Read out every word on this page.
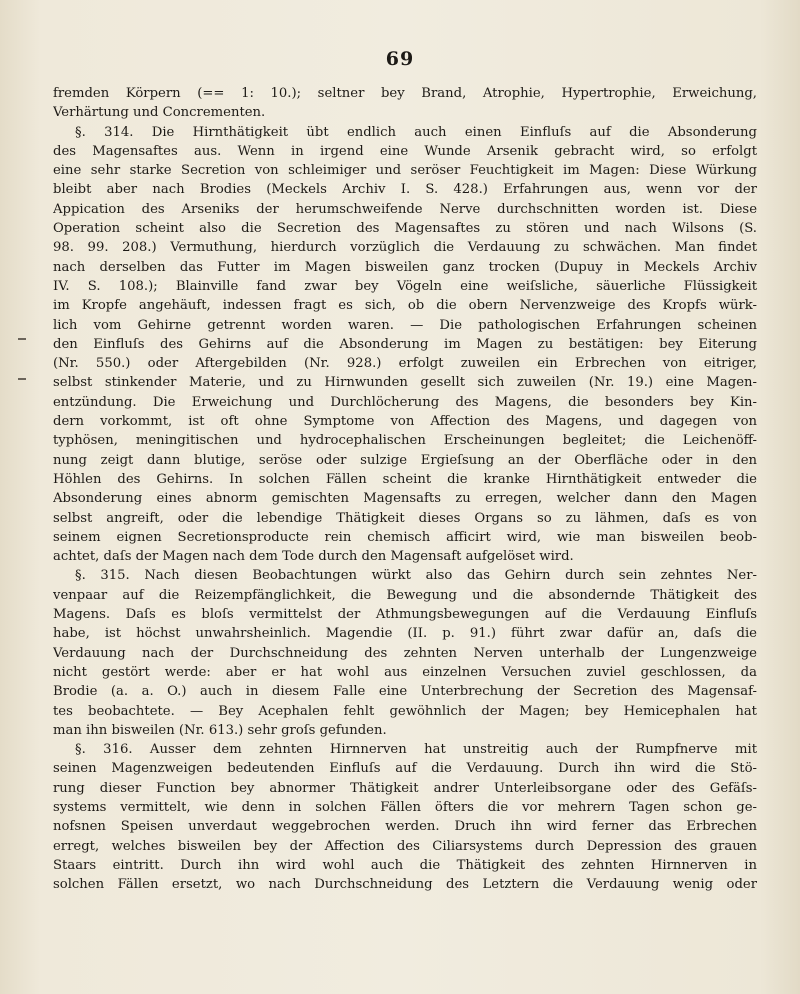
69
fremden Körpern (== 1: 10.); seltner bey Brand, Atrophie, Hypertrophie, Erweichung,
Verhärtung und Concrementen.
§. 314. Die Hirnthätigkeit übt endlich auch einen Einfluſs auf die Absonderung
des Magensaftes aus. Wenn in irgend eine Wunde Arsenik gebracht wird, so erfolgt
eine sehr starke Secretion von schleimiger und seröser Feuchtigkeit im Magen: Diese Würkung
bleibt aber nach Brodies (Meckels Archiv I. S. 428.) Erfahrungen aus, wenn vor der
Appication des Arseniks der herumschweifende Nerve durchschnitten worden ist. Diese
Operation scheint also die Secretion des Magensaftes zu stören und nach Wilsons (S.
98. 99. 208.) Vermuthung, hierdurch vorzüglich die Verdauung zu schwächen. Man findet
nach derselben das Futter im Magen bisweilen ganz trocken (Dupuy in Meckels Archiv
IV. S. 108.); Blainville fand zwar bey Vögeln eine weiſsliche, säuerliche Flüssigkeit
im Kropfe angehäuft, indessen fragt es sich, ob die obern Nervenzweige des Kropfs würk-
lich vom Gehirne getrennt worden waren. — Die pathologischen Erfahrungen scheinen
den Einfluſs des Gehirns auf die Absonderung im Magen zu bestätigen: bey Eiterung
(Nr. 550.) oder Aftergebilden (Nr. 928.) erfolgt zuweilen ein Erbrechen von eitriger,
selbst stinkender Materie, und zu Hirnwunden gesellt sich zuweilen (Nr. 19.) eine Magen-
entzündung. Die Erweichung und Durchlöcherung des Magens, die besonders bey Kin-
dern vorkommt, ist oft ohne Symptome von Affection des Magens, und dagegen von
typhösen, meningitischen und hydrocephalischen Erscheinungen begleitet; die Leichenöff-
nung zeigt dann blutige, seröse oder sulzige Ergieſsung an der Oberfläche oder in den
Höhlen des Gehirns. In solchen Fällen scheint die kranke Hirnthätigkeit entweder die
Absonderung eines abnorm gemischten Magensafts zu erregen, welcher dann den Magen
selbst angreift, oder die lebendige Thätigkeit dieses Organs so zu lähmen, daſs es von
seinem eignen Secretionsproducte rein chemisch afficirt wird, wie man bisweilen beob-
achtet, daſs der Magen nach dem Tode durch den Magensaft aufgelöset wird.
§. 315. Nach diesen Beobachtungen würkt also das Gehirn durch sein zehntes Ner-
venpaar auf die Reizempfänglichkeit, die Bewegung und die absondernde Thätigkeit des
Magens. Daſs es bloſs vermittelst der Athmungsbewegungen auf die Verdauung Einfluſs
habe, ist höchst unwahrsheinlich. Magendie (II. p. 91.) führt zwar dafür an, daſs die
Verdauung nach der Durchschneidung des zehnten Nerven unterhalb der Lungenzweige
nicht gestört werde: aber er hat wohl aus einzelnen Versuchen zuviel geschlossen, da
Brodie (a. a. O.) auch in diesem Falle eine Unterbrechung der Secretion des Magensaf-
tes beobachtete. — Bey Acephalen fehlt gewöhnlich der Magen; bey Hemicephalen hat
man ihn bisweilen (Nr. 613.) sehr groſs gefunden.
§. 316. Ausser dem zehnten Hirnnerven hat unstreitig auch der Rumpfnerve mit
seinen Magenzweigen bedeutenden Einfluſs auf die Verdauung. Durch ihn wird die Stö-
rung dieser Function bey abnormer Thätigkeit andrer Unterleibsorgane oder des Gefäſs-
systems vermittelt, wie denn in solchen Fällen öfters die vor mehrern Tagen schon ge-
nofsnen Speisen unverdaut weggebrochen werden. Druch ihn wird ferner das Erbrechen
erregt, welches bisweilen bey der Affection des Ciliarsystems durch Depression des grauen
Staars eintritt. Durch ihn wird wohl auch die Thätigkeit des zehnten Hirnnerven in
solchen Fällen ersetzt, wo nach Durchschneidung des Letztern die Verdauung wenig oder
